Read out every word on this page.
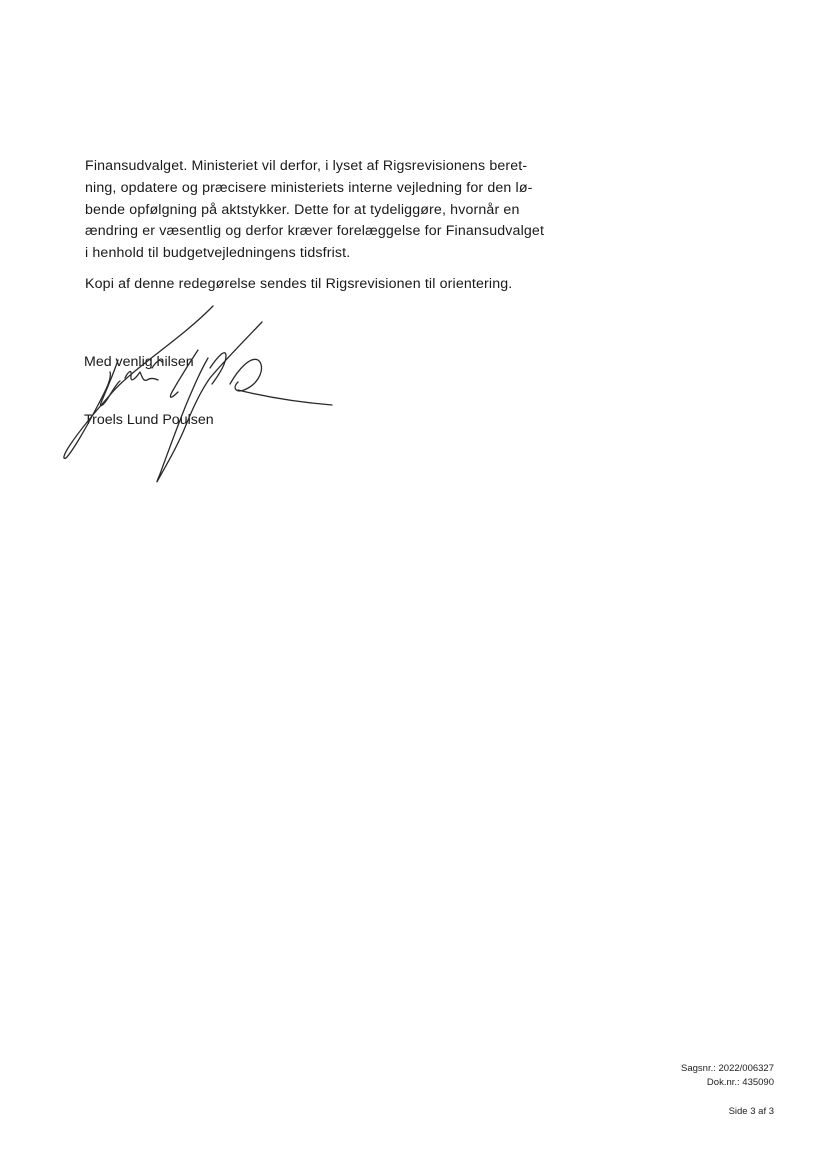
Finansudvalget. Ministeriet vil derfor, i lyset af Rigsrevisionens beret-
ning, opdatere og præcisere ministeriets interne vejledning for den lø-
bende opfølgning på aktstykker. Dette for at tydeliggøre, hvornår en
ændring er væsentlig og derfor kræver forelæggelse for Finansudvalget
i henhold til budgetvejledningens tidsfrist.
Kopi af denne redegørelse sendes til Rigsrevisionen til orientering.
Med venlig hilsen
Troels Lund Poulsen
Sagsnr.: 2022/006327
Dok.nr.: 435090
Side 3 af 3
